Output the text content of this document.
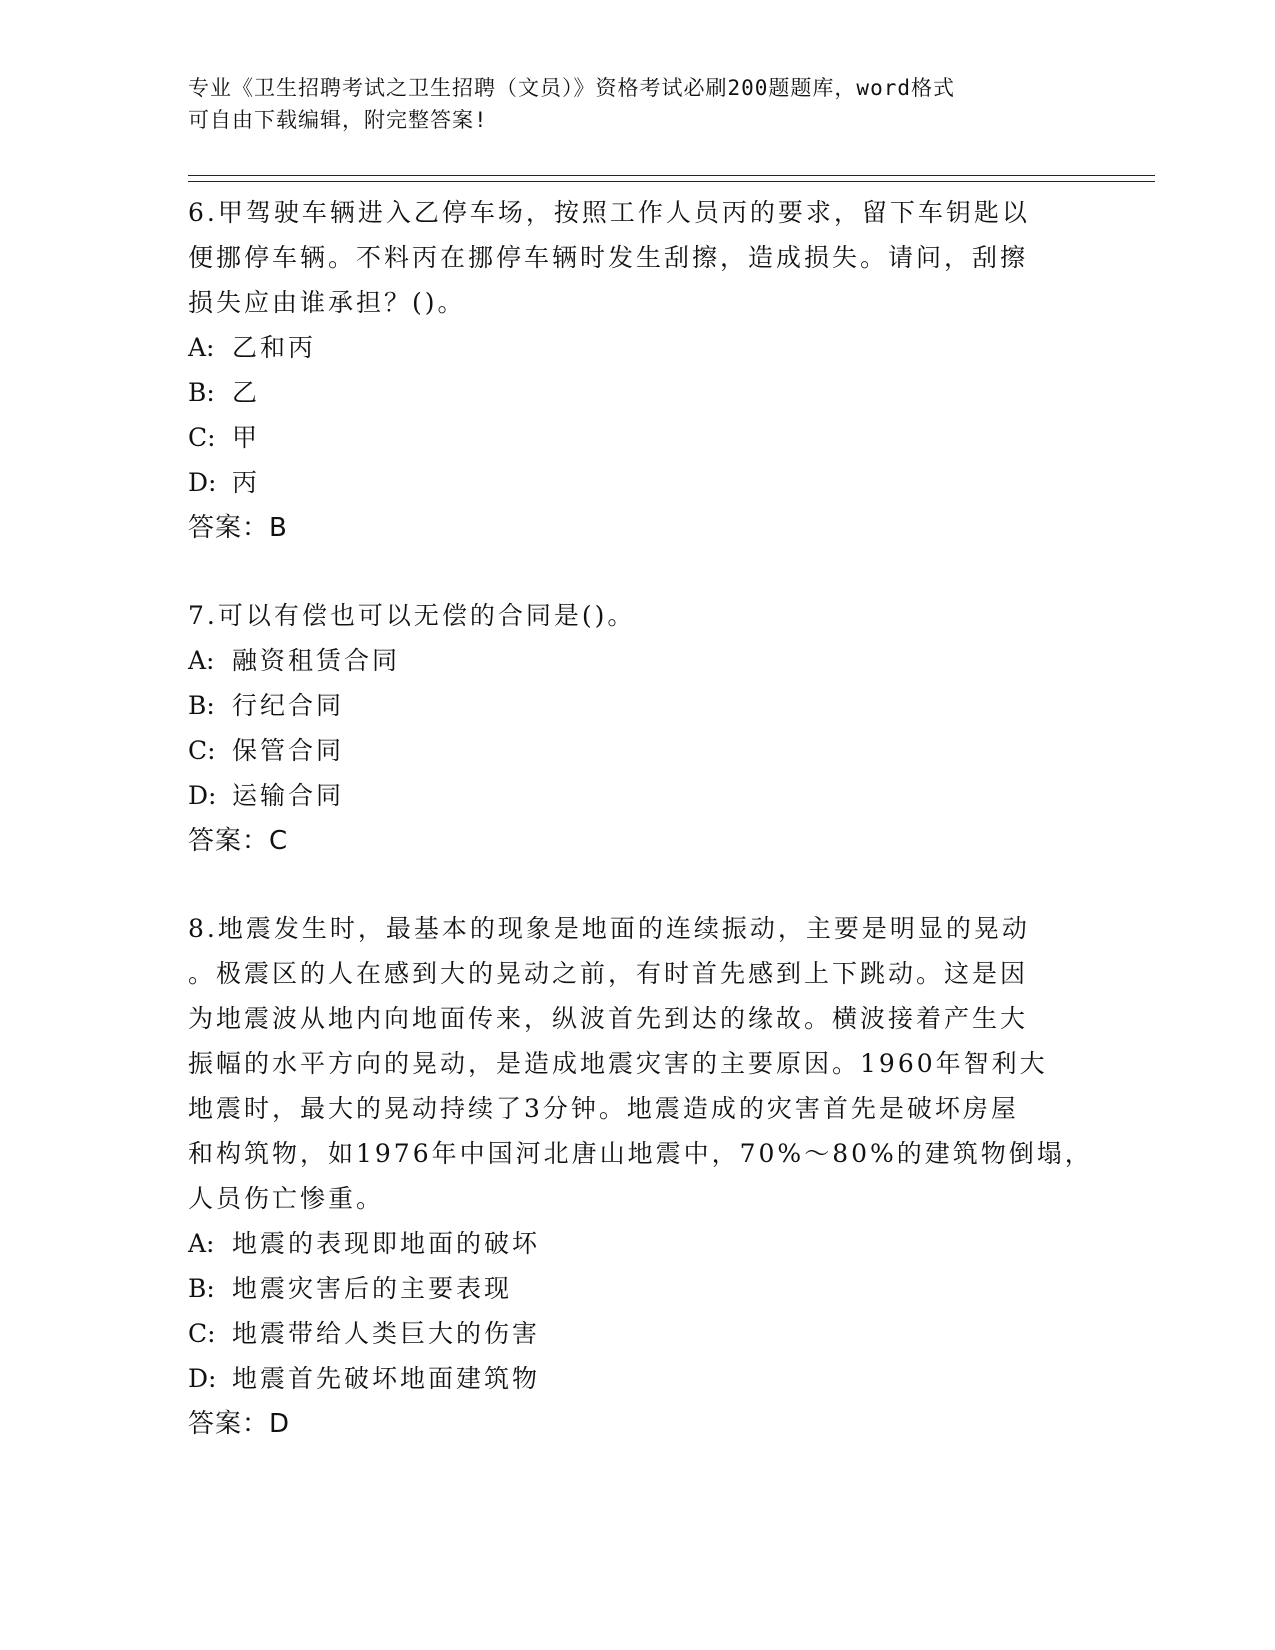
专业《卫生招聘考试之卫生招聘（文员）》资格考试必刷200题题库，word格式
可自由下载编辑，附完整答案!
6.甲驾驶车辆进入乙停车场，按照工作人员丙的要求，留下车钥匙以
便挪停车辆。不料丙在挪停车辆时发生刮擦，造成损失。请问，刮擦
损失应由谁承担？()。
A: 乙和丙
B: 乙
C: 甲
D: 丙
答案：B
7.可以有偿也可以无偿的合同是()。
A: 融资租赁合同
B: 行纪合同
C: 保管合同
D: 运输合同
答案：C
8.地震发生时，最基本的现象是地面的连续振动，主要是明显的晃动
。极震区的人在感到大的晃动之前，有时首先感到上下跳动。这是因
为地震波从地内向地面传来，纵波首先到达的缘故。横波接着产生大
振幅的水平方向的晃动，是造成地震灾害的主要原因。1960年智利大
地震时，最大的晃动持续了3分钟。地震造成的灾害首先是破坏房屋
和构筑物，如1976年中国河北唐山地震中，70%～80%的建筑物倒塌，
人员伤亡惨重。
A: 地震的表现即地面的破坏
B: 地震灾害后的主要表现
C: 地震带给人类巨大的伤害
D: 地震首先破坏地面建筑物
答案：D
